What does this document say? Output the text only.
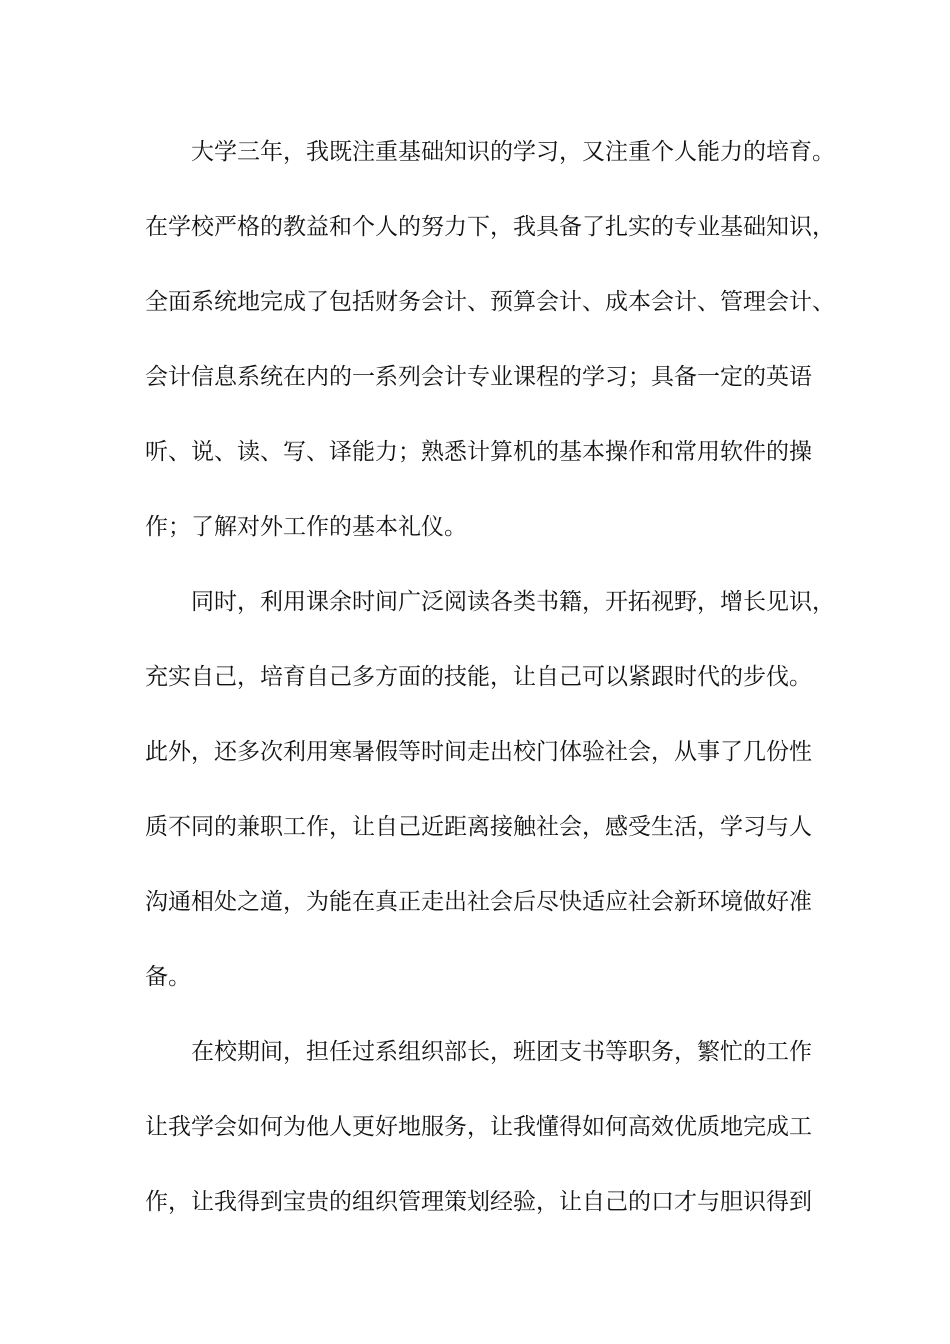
大学三年，我既注重基础知识的学习，又注重个人能力的培育。
在学校严格的教益和个人的努力下，我具备了扎实的专业基础知识，
全面系统地完成了包括财务会计、预算会计、成本会计、管理会计、
会计信息系统在内的一系列会计专业课程的学习；具备一定的英语
听、说、读、写、译能力；熟悉计算机的基本操作和常用软件的操
作；了解对外工作的基本礼仪。
同时，利用课余时间广泛阅读各类书籍，开拓视野，增长见识，
充实自己，培育自己多方面的技能，让自己可以紧跟时代的步伐。
此外，还多次利用寒暑假等时间走出校门体验社会，从事了几份性
质不同的兼职工作，让自己近距离接触社会，感受生活，学习与人
沟通相处之道，为能在真正走出社会后尽快适应社会新环境做好准
备。
在校期间，担任过系组织部长，班团支书等职务，繁忙的工作
让我学会如何为他人更好地服务，让我懂得如何高效优质地完成工
作，让我得到宝贵的组织管理策划经验，让自己的口才与胆识得到
